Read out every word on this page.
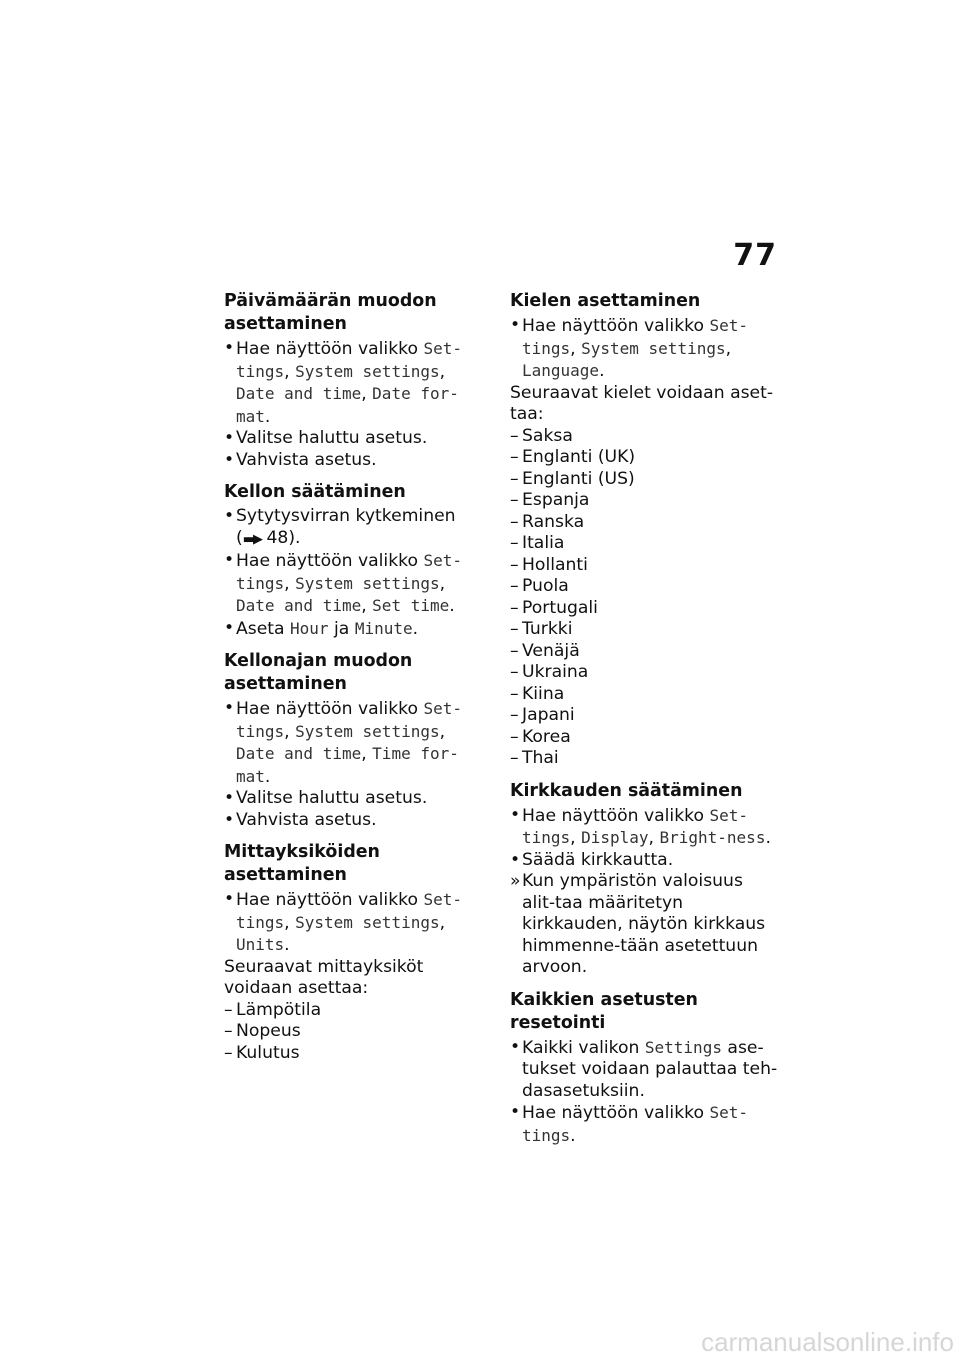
77
Päivämäärän muodon asettaminen
• Hae näyttöön valikko Set-tings, System settings, Date and time, Date for-mat.
• Valitse haluttu asetus.
• Vahvista asetus.
Kellon säätäminen
• Sytytysvirran kytkeminen
(▬▶ 48).
• Hae näyttöön valikko Set-tings, System settings, Date and time, Set time.
• Aseta Hour ja Minute.
Kellonajan muodon asettaminen
• Hae näyttöön valikko Set-tings, System settings, Date and time, Time for-mat.
• Valitse haluttu asetus.
• Vahvista asetus.
Mittayksiköiden asettaminen
• Hae näyttöön valikko Set-tings, System settings, Units.

Seuraavat mittayksiköt voidaan asettaa:

– Lämpötila
– Nopeus
– Kulutus
Kielen asettaminen
• Hae näyttöön valikko Set-tings, System settings, Language.

Seuraavat kielet voidaan aset-taa:

– Saksa
– Englanti (UK)
– Englanti (US)
– Espanja
– Ranska
– Italia
– Hollanti
– Puola
– Portugali
– Turkki
– Venäjä
– Ukraina
– Kiina
– Japani
– Korea
– Thai
Kirkkauden säätäminen
• Hae näyttöön valikko Set-tings, Display, Bright-ness.
• Säädä kirkkautta.
» Kun ympäristön valoisuus alit-taa määritetyn kirkkauden, näytön kirkkaus himmenne-tään asetettuun arvoon.
Kaikkien asetusten resetointi
• Kaikki valikon Settings ase-tukset voidaan palauttaa teh-dasasetuksiin.
• Hae näyttöön valikko Set-tings.
carmanualsonline.info
